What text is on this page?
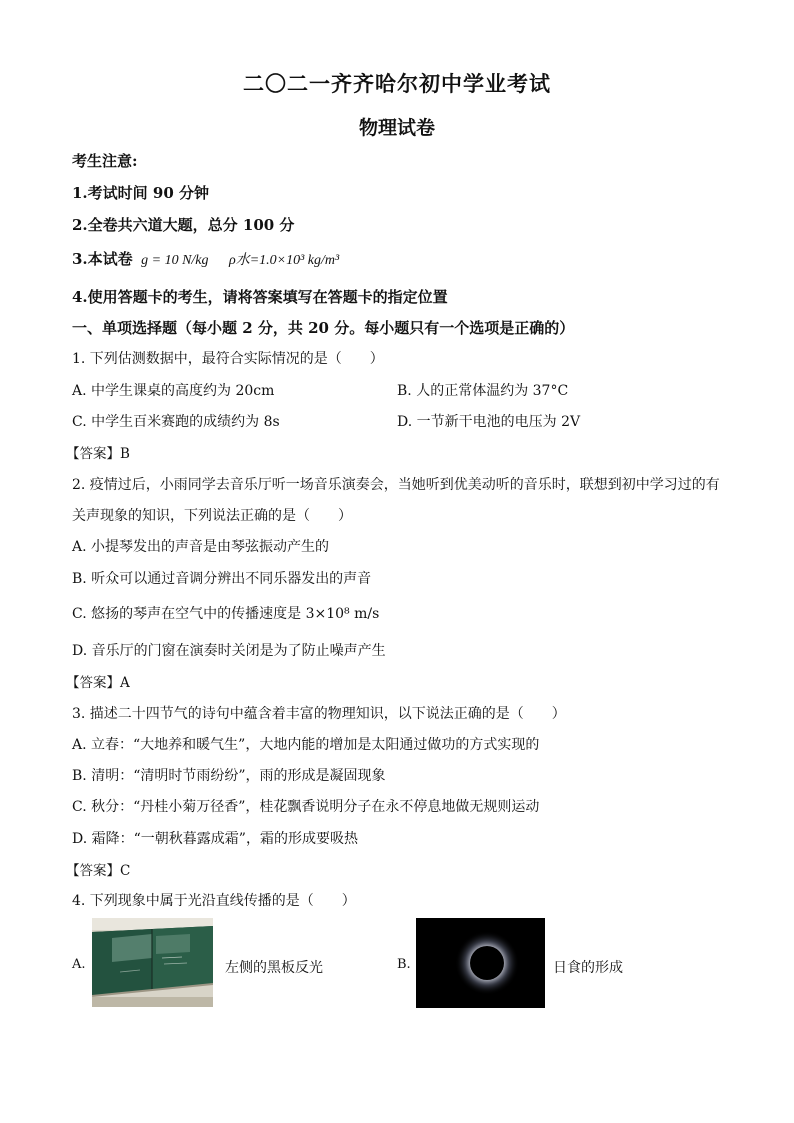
二〇二一齐齐哈尔初中学业考试
物理试卷
考生注意:
1.考试时间 90 分钟
2.全卷共六道大题，总分 100 分
3.本试卷 g = 10 N/kg ρ水=1.0×10³ kg/m³
4.使用答题卡的考生，请将答案填写在答题卡的指定位置
一、单项选择题（每小题 2 分，共 20 分。每小题只有一个选项是正确的）
1. 下列估测数据中，最符合实际情况的是（　　）
A. 中学生课桌的高度约为 20cm	B. 人的正常体温约为 37°C
C. 中学生百米赛跑的成绩约为 8s	D. 一节新干电池的电压为 2V
【答案】B
2. 疫情过后，小雨同学去音乐厅听一场音乐演奏会，当她听到优美动听的音乐时，联想到初中学习过的有
关声现象的知识，下列说法正确的是（　　）
A. 小提琴发出的声音是由琴弦振动产生的
B. 听众可以通过音调分辨出不同乐器发出的声音
C. 悠扬的琴声在空气中的传播速度是 3×10⁸ m/s
D. 音乐厅的门窗在演奏时关闭是为了防止噪声产生
【答案】A
3. 描述二十四节气的诗句中蕴含着丰富的物理知识，以下说法正确的是（　　）
A. 立春：“大地养和暖气生”，大地内能的增加是太阳通过做功的方式实现的
B. 清明：“清明时节雨纷纷”，雨的形成是凝固现象
C. 秋分：“丹桂小菊万径香”，桂花飘香说明分子在永不停息地做无规则运动
D. 霜降：“一朝秋暮露成霜”，霜的形成要吸热
【答案】C
4. 下列现象中属于光沿直线传播的是（　　）
A.	左侧的黑板反光	B.	日食的形成
